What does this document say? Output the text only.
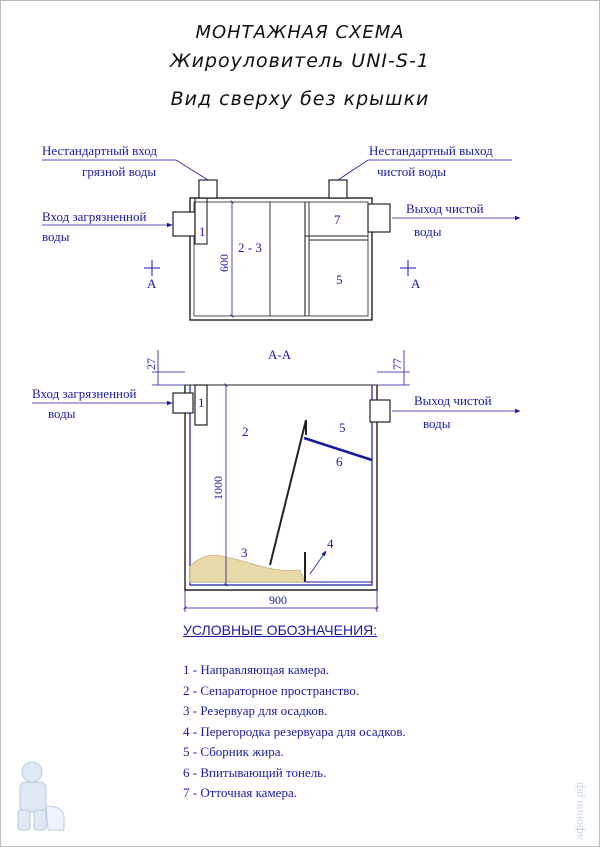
МОНТАЖНАЯ СХЕМА

Жироуловитель UNI-S-1

Вид сверху без крышки

600
1
2 - 3
7
5
Нестандартный вход
грязной воды
Нестандартный выход
чистой воды
Вход загрязненной
воды
Выход чистой
воды
А	А
А-А
1
2
3
4
5
6
27
1000
77
900
Вход загрязненной
воды
Выход чистой
воды

УСЛОВНЫЕ ОБОЗНАЧЕНИЯ:

1 - Направляющая камера.
2 - Сепараторное пространство.
3 - Резервуар для осадков.
4 - Перегородка резервуара для осадков.
5 - Сборник жира.
6 - Впитывающий тонель.
7 - Отточная камера.	афонин.рф
